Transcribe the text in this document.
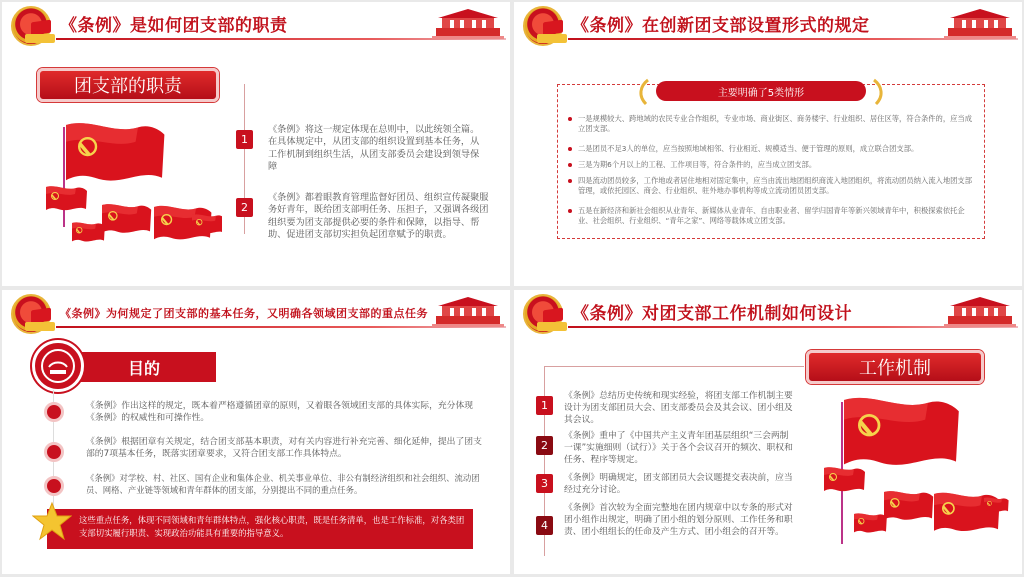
《条例》是如何团支部的职责
团支部的职责
1
《条例》将这一规定体现在总则中，以此统领全篇。在具体规定中，从团支部的组织设置到基本任务，从工作机制到组织生活，从团支部委员会建设到领导保障
2
《条例》都着眼教育管理监督好团员、组织宣传凝聚服务好青年，既给团支部明任务、压担子，又强调各级团组织要为团支部提供必要的条件和保障，以指导、帮助、促进团支部切实担负起团章赋予的职责。
《条例》在创新团支部设置形式的规定
主要明确了5类情形
一是规模较大、跨地域的农民专业合作组织，专业市场、商业街区、商务楼宇、行业组织、居住区等，符合条件的，应当成立团支部。
二是团员不足3人的单位，应当按照地域相邻、行业相近、规模适当、便于管理的原则，成立联合团支部。
三是为期6个月以上的工程、工作项目等，符合条件的，应当成立团支部。
四是流动团员较多，工作地或者居住地相对固定集中，应当由流出地团组织商流入地团组织，将流动团员纳入流入地团支部管理，或依托园区、商会、行业组织、驻外地办事机构等成立流动团员团支部。
五是在新经济和新社会组织从业青年、新媒体从业青年、自由职业者、留学归国青年等新兴领域青年中，积极探索依托企业、社会组织、行业组织、“青年之家”、网络等载体成立团支部。
《条例》为何规定了团支部的基本任务，又明确各领域团支部的重点任务
目的
《条例》作出这样的规定，既本着严格遵循团章的原则，又着眼各领域团支部的具体实际，充分体现《条例》的权威性和可操作性。
《条例》根据团章有关规定，结合团支部基本职责，对有关内容进行补充完善、细化延伸，提出了团支部的7项基本任务，既落实团章要求，又符合团支部工作具体特点。
《条例》对学校、村、社区、国有企业和集体企业、机关事业单位、非公有制经济组织和社会组织、流动团员、网格、产业链等领域和青年群体的团支部，分别提出不同的重点任务。
这些重点任务，体现不同领域和青年群体特点，强化核心职责，既是任务清单，也是工作标准，对各类团支部切实履行职责、实现政治功能具有重要的指导意义。
《条例》对团支部工作机制如何设计
工作机制
1
《条例》总结历史传统和现实经验，将团支部工作机制主要设计为团支部团员大会、团支部委员会及其会议、团小组及其会议。
2
《条例》重申了《中国共产主义青年团基层组织“三会两制一课”实施细则（试行）》关于各个会议召开的频次、职权和任务、程序等规定。
3	《条例》明确规定，团支部团员大会议题提交表决前，应当经过充分讨论。
4
《条例》首次较为全面完整地在团内规章中以专条的形式对团小组作出规定，明确了团小组的划分原则、工作任务和职责、团小组组长的任命及产生方式、团小组会的召开等。
